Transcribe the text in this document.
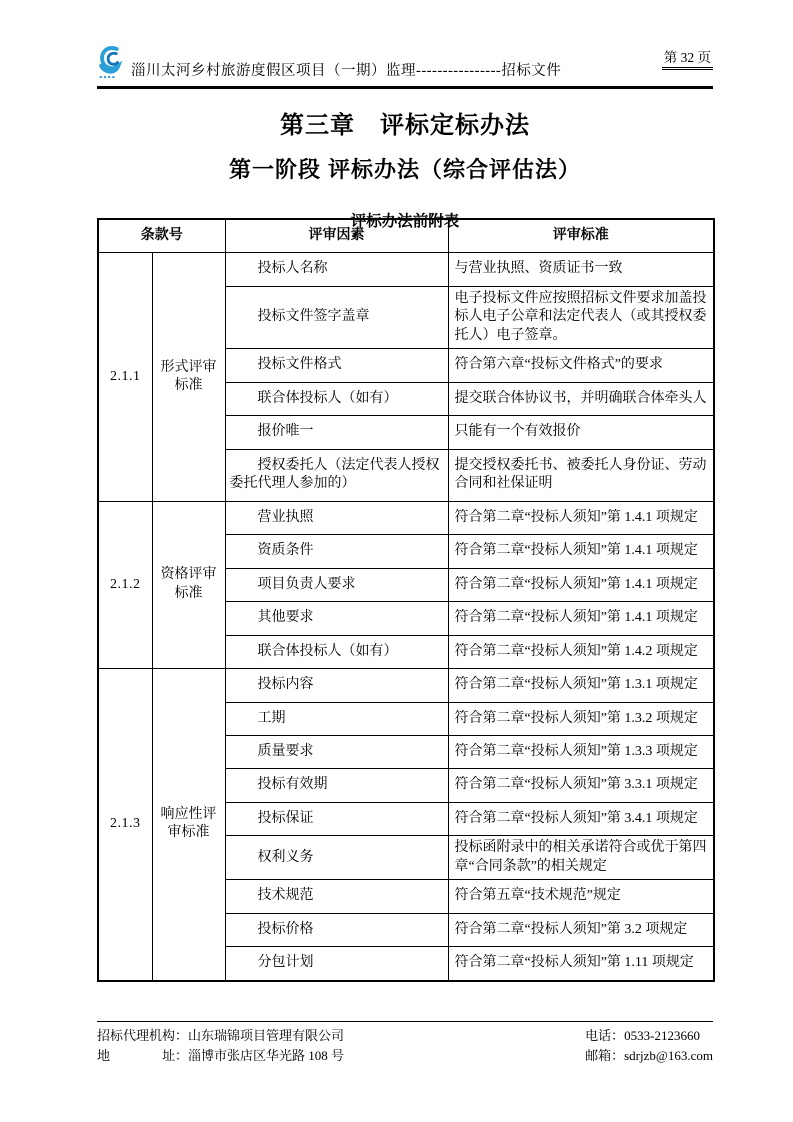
第 32 页
淄川太河乡村旅游度假区项目（一期）监理----------------招标文件
第三章　评标定标办法
第一阶段 评标办法（综合评估法）
评标办法前附表
条款号		评审因素	评审标准
2.1.1	形式评审标准	投标人名称	与营业执照、资质证书一致
		投标文件签字盖章	电子投标文件应按照招标文件要求加盖投标人电子公章和法定代表人（或其授权委托人）电子签章。
		投标文件格式	符合第六章“投标文件格式”的要求
		联合体投标人（如有）	提交联合体协议书，并明确联合体牵头人
		报价唯一	只能有一个有效报价
		授权委托人（法定代表人授权委托代理人参加的）	提交授权委托书、被委托人身份证、劳动合同和社保证明
2.1.2	资格评审标准	营业执照	符合第二章“投标人须知”第 1.4.1 项规定
		资质条件	符合第二章“投标人须知”第 1.4.1 项规定
		项目负责人要求	符合第二章“投标人须知”第 1.4.1 项规定
		其他要求	符合第二章“投标人须知”第 1.4.1 项规定
		联合体投标人（如有）	符合第二章“投标人须知”第 1.4.2 项规定
2.1.3	响应性评审标准	投标内容	符合第二章“投标人须知”第 1.3.1 项规定
		工期	符合第二章“投标人须知”第 1.3.2 项规定
		质量要求	符合第二章“投标人须知”第 1.3.3 项规定
		投标有效期	符合第二章“投标人须知”第 3.3.1 项规定
		投标保证	符合第二章“投标人须知”第 3.4.1 项规定
		权利义务	投标函附录中的相关承诺符合或优于第四章“合同条款”的相关规定
		技术规范	符合第五章“技术规范”规定
		投标价格	符合第二章“投标人须知”第 3.2 项规定
		分包计划	符合第二章“投标人须知”第 1.11 项规定
招标代理机构：山东瑞锦项目管理有限公司
地　　　　址：淄博市张店区华光路 108 号
电话：0533-2123660
邮箱：sdrjzb@163.com
